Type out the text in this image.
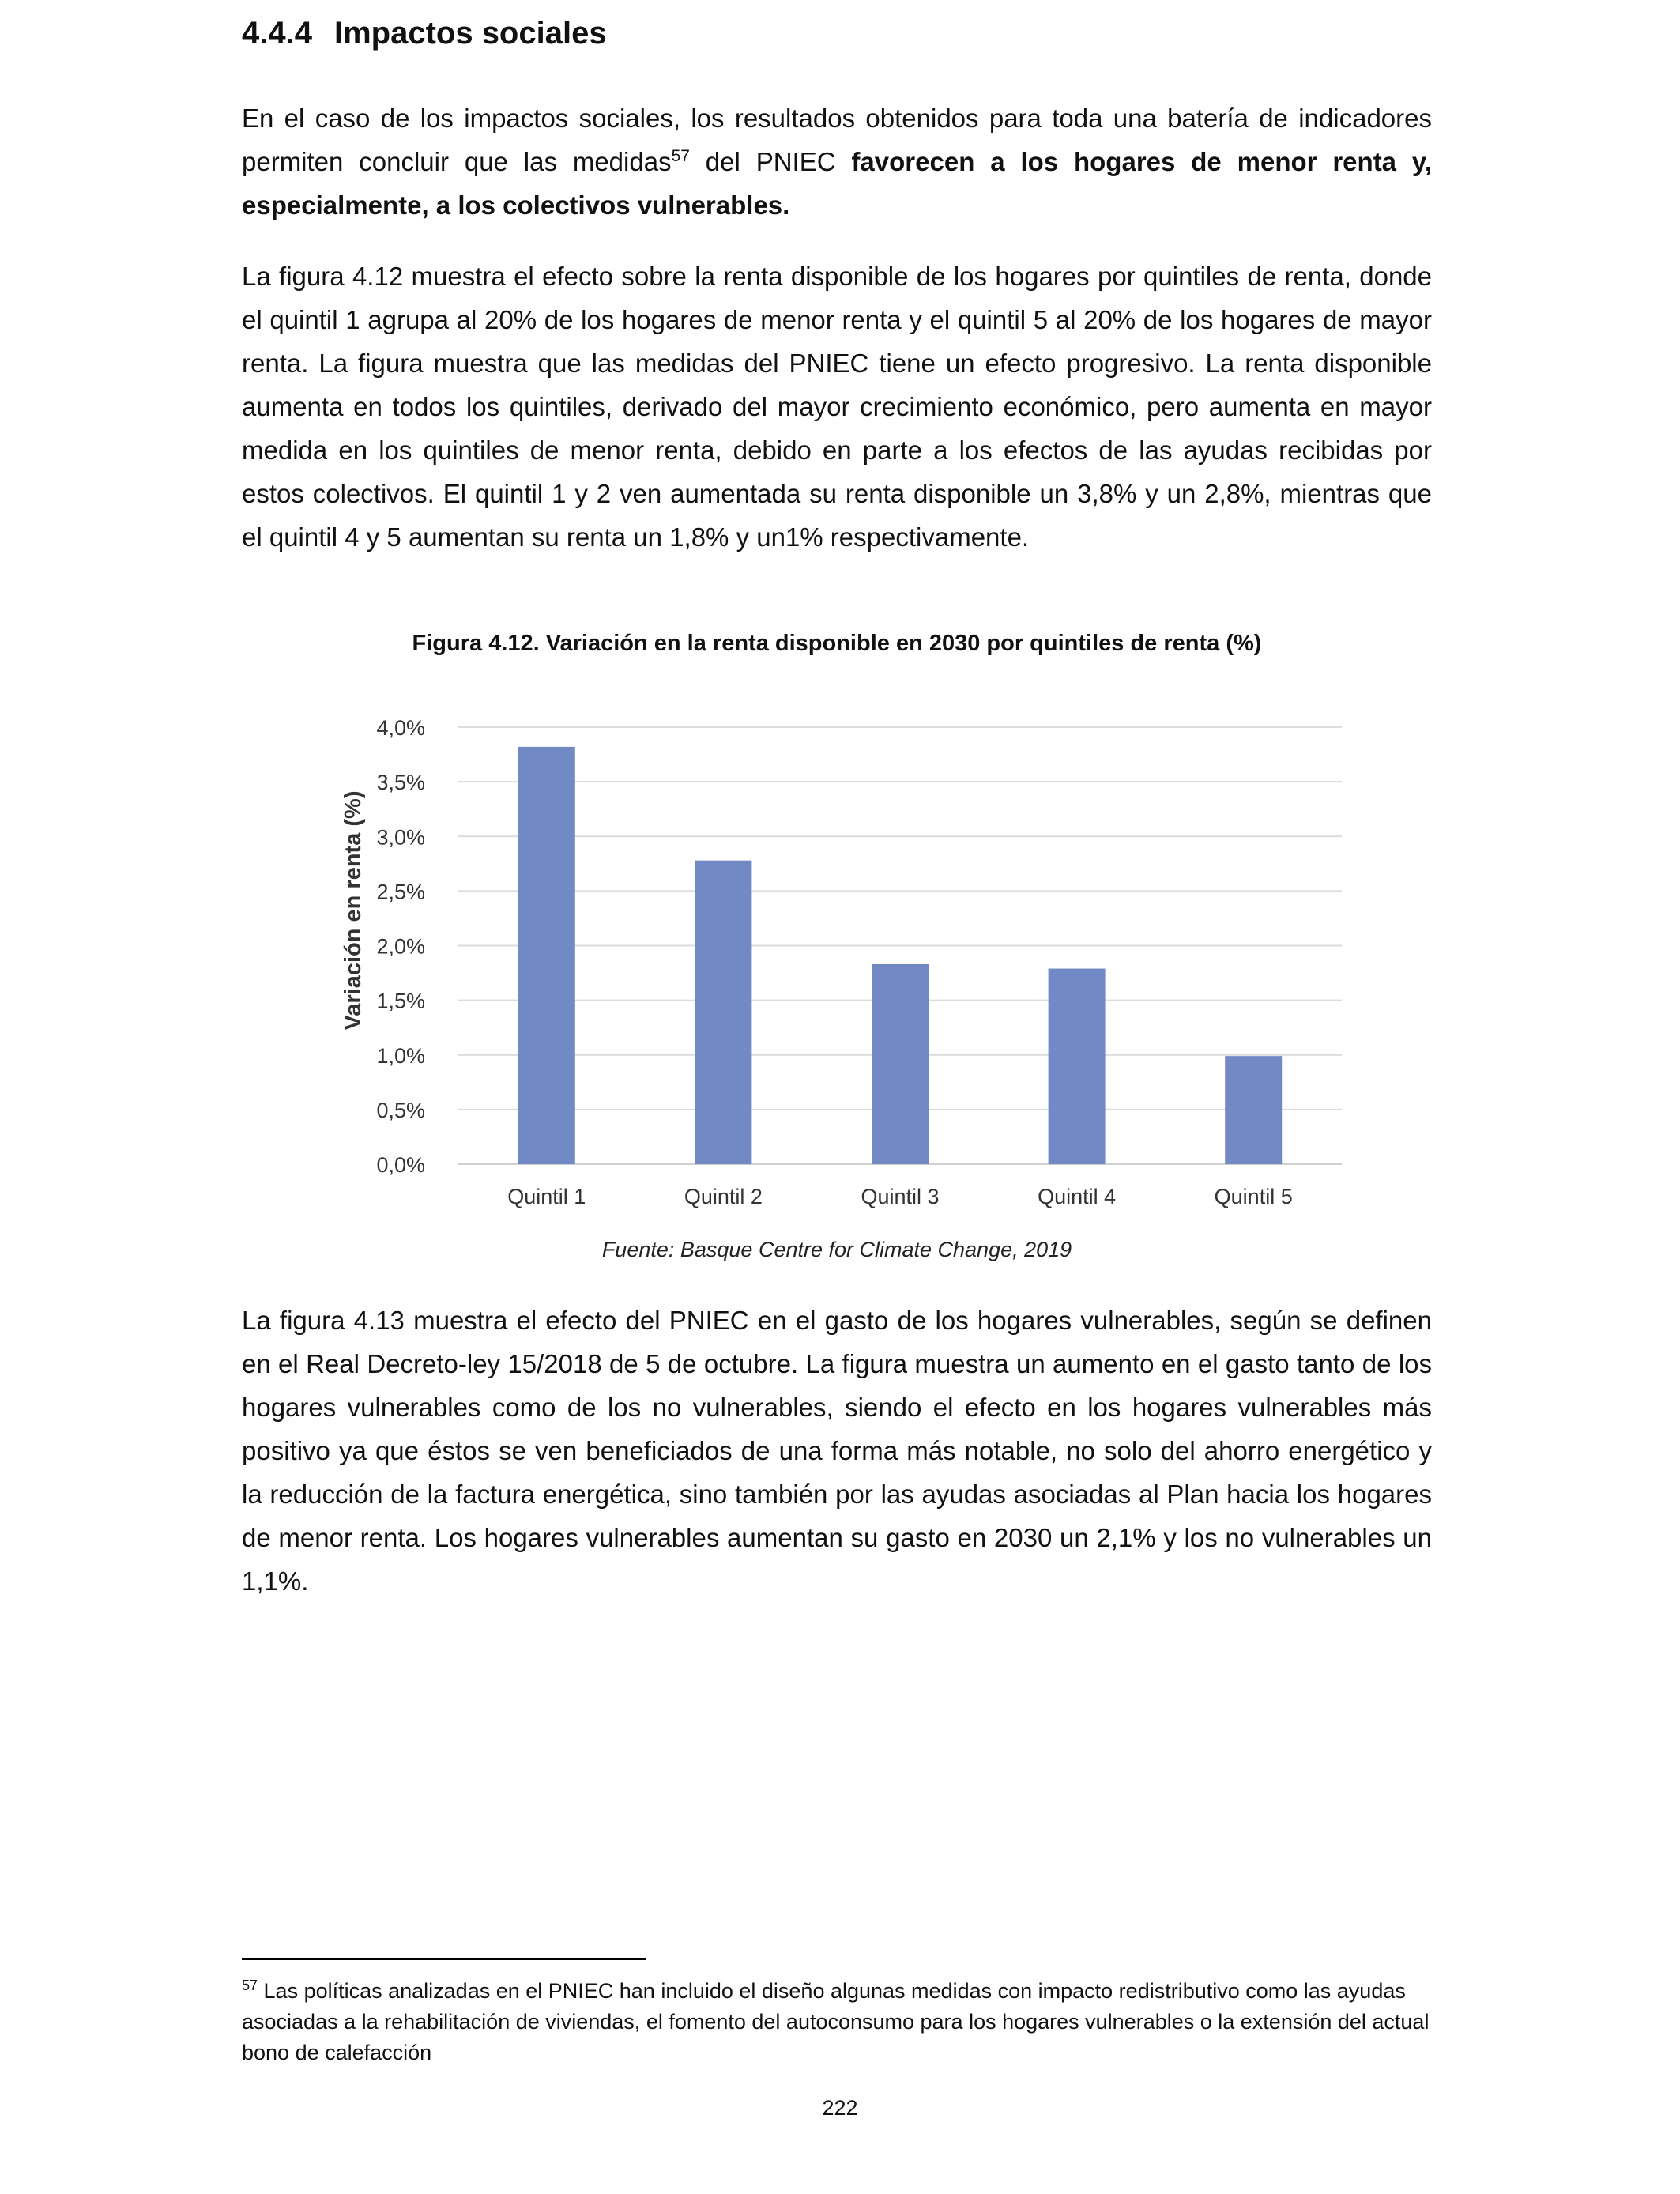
4.4.4 Impactos sociales

En el caso de los impactos sociales, los resultados obtenidos para toda una batería de indicadores permiten concluir que las medidas$^{57}$ del PNIEC favorecen a los hogares de menor renta y, especialmente, a los colectivos vulnerables.

La figura 4.12 muestra el efecto sobre la renta disponible de los hogares por quintiles de renta, donde el quintil 1 agrupa al 20% de los hogares de menor renta y el quintil 5 al 20% de los hogares de mayor renta. La figura muestra que las medidas del PNIEC tiene un efecto progresivo. La renta disponible aumenta en todos los quintiles, derivado del mayor crecimiento económico, pero aumenta en mayor medida en los quintiles de menor renta, debido en parte a los efectos de las ayudas recibidas por estos colectivos. El quintil 1 y 2 ven aumentada su renta disponible un 3,8% y un 2,8%, mientras que el quintil 4 y 5 aumentan su renta un 1,8% y un1% respectivamente.

Figura 4.12. Variación en la renta disponible en 2030 por quintiles de renta (%)
0,0%
0,5%
1,0%
1,5%
2,0%
2,5%
3,0%
3,5%
4,0%
Quintil 1	Quintil 2	Quintil 3	Quintil 4	Quintil 5
Variación en renta (%)
Fuente: Basque Centre for Climate Change, 2019

La figura 4.13 muestra el efecto del PNIEC en el gasto de los hogares vulnerables, según se definen en el Real Decreto-ley 15/2018 de 5 de octubre. La figura muestra un aumento en el gasto tanto de los hogares vulnerables como de los no vulnerables, siendo el efecto en los hogares vulnerables más positivo ya que éstos se ven beneficiados de una forma más notable, no solo del ahorro energético y la reducción de la factura energética, sino también por las ayudas asociadas al Plan hacia los hogares de menor renta. Los hogares vulnerables aumentan su gasto en 2030 un 2,1% y los no vulnerables un 1,1%.

$^{57}$ Las políticas analizadas en el PNIEC han incluido el diseño algunas medidas con impacto redistributivo como las ayudas asociadas a la rehabilitación de viviendas, el fomento del autoconsumo para los hogares vulnerables o la extensión del actual bono de calefacción
222
